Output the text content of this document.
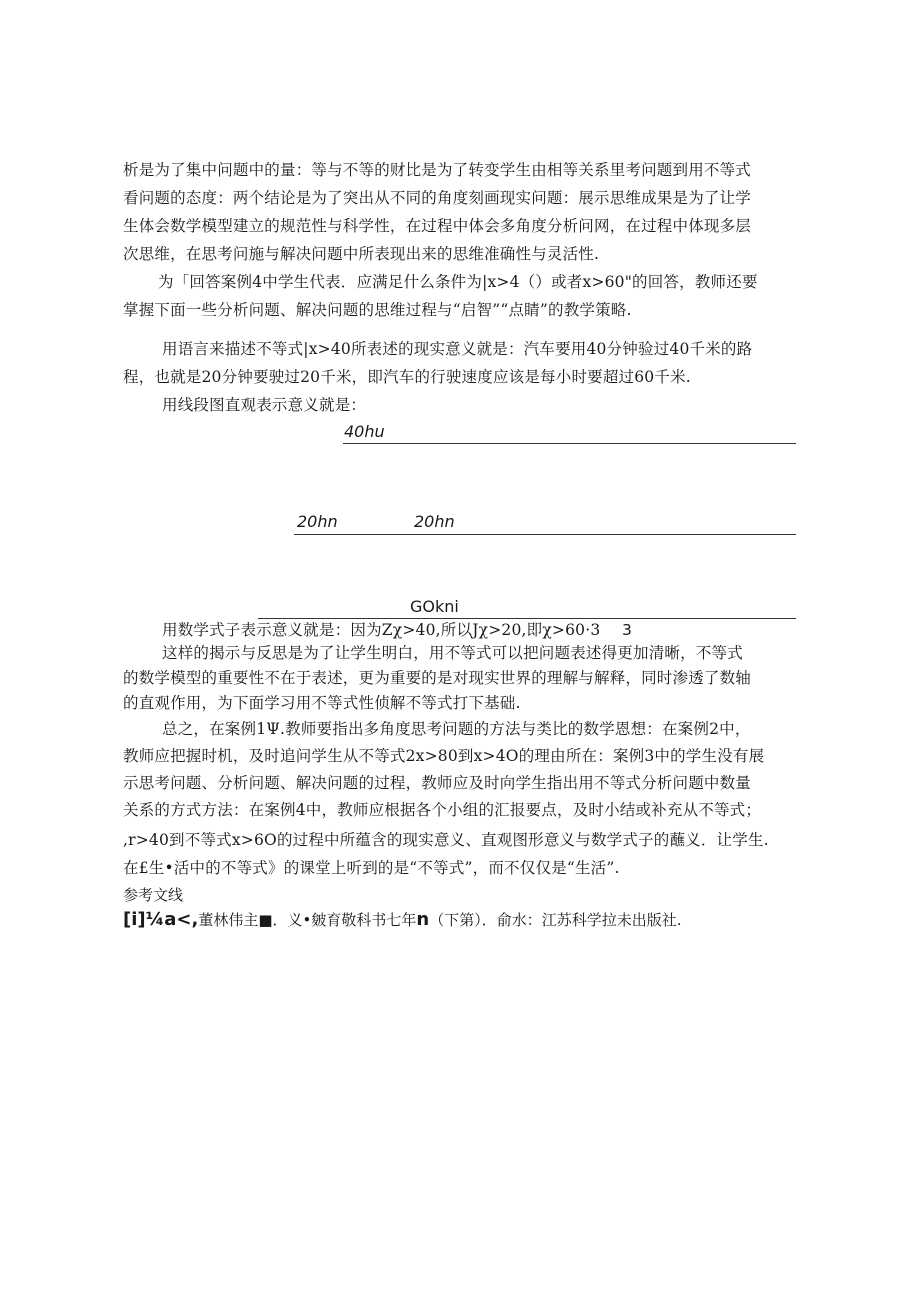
析是为了集中问题中的量：等与不等的财比是为了转变学生由相等关系里考问题到用不等式
看问题的态度：两个结论是为了突出从不同的角度刻画现实问题：展示思维成果是为了让学
生体会数学模型建立的规范性与科学性，在过程中体会多角度分析问网，在过程中体现多层
次思维，在思考问施与解决问题中所表现出来的思维准确性与灵活性.
为「回答案例4中学生代表．应满足什么条件为|x>4（）或者x>60"的回答，教师还要
掌握下面一些分析问题、解决问题的思维过程与“启智”“点睛”的教学策略.
用语言来描述不等式|x>40所表述的现实意义就是：汽车要用40分钟验过40千米的路
程，也就是20分钟要驶过20千米，即汽车的行驶速度应该是每小时要超过60千米.
用线段图直观表示意义就是：
40hu
20hn	20hn
GOkni
用数学式子表示意义就是：因为Zχ>40,所以Jχ>20,即χ>60·3 3
这样的揭示与反思是为了让学生明白，用不等式可以把问题表述得更加清晰，不等式
的数学模型的重要性不在于表述，更为重要的是对现实世界的理解与解释，同时渗透了数轴
的直观作用，为下面学习用不等式性侦解不等式打下基础.
总之，在案例1Ψ.教师要指出多角度思考问题的方法与类比的数学恩想：在案例2中，
教师应把握时机，及时追问学生从不等式2x>80到x>4O的理由所在：案例3中的学生没有展
示思考问题、分析问题、解决问题的过程，教师应及时向学生指出用不等式分析问题中数量
关系的方式方法：在案例4中，教师应根据各个小组的汇报要点，及时小结或补充从不等式；
,r>40到不等式x>6O的过程中所蕴含的现实意义、直观图形意义与数学式子的蘸义．让学生.
在£生•活中的不等式》的课堂上听到的是“不等式”，而不仅仅是“生活”.
参考文线
[i]¼a<,董林伟主■．义•皴育敬科书七年n（下第）．俞水：江苏科学拉未出版社.
